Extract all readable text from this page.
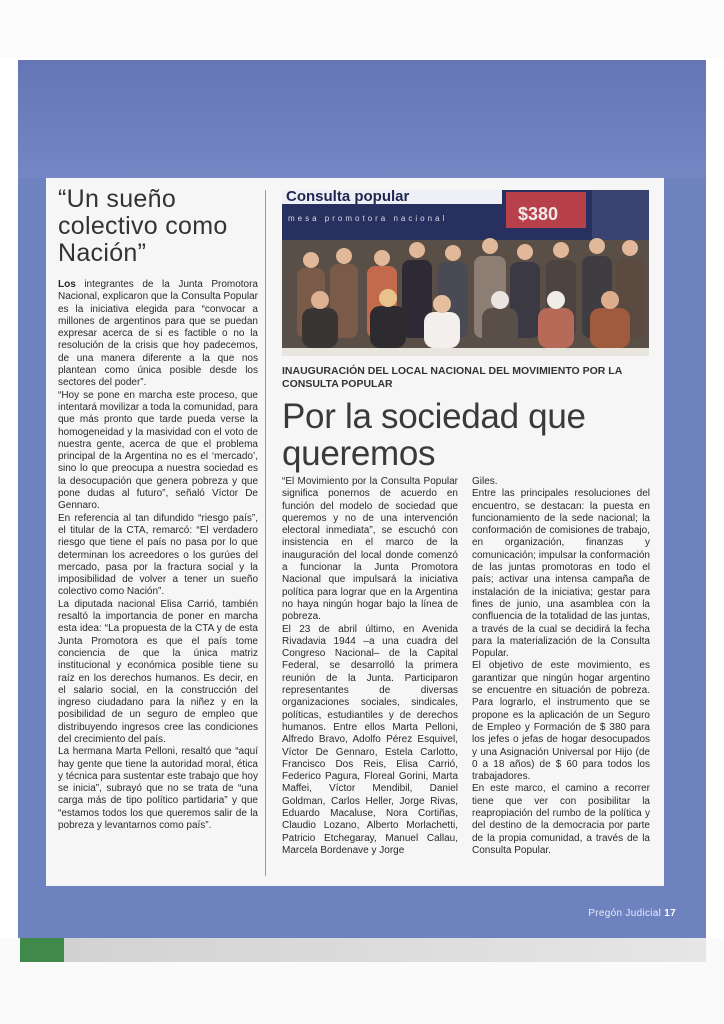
“Un sueño colectivo como Nación”

Los integrantes de la Junta Promotora Nacional, explicaron que la Consulta Popular es la iniciativa elegida para “convocar a millones de argentinos para que se puedan expresar acerca de si es factible o no la resolución de la crisis que hoy padecemos, de una manera diferente a la que nos plantean como única posible desde los sectores del poder”.

“Hoy se pone en marcha este proceso, que intentará movilizar a toda la comunidad, para que más pronto que tarde pueda verse la homogeneidad y la masividad con el voto de nuestra gente, acerca de que el problema principal de la Argentina no es el ‘mercado’, sino lo que preocupa a nuestra sociedad es la desocupación que genera pobreza y que pone dudas al futuro”, señaló Víctor De Gennaro.

En referencia al tan difundido “riesgo país”, el titular de la CTA, remarcó: “El verdadero riesgo que tiene el país no pasa por lo que determinan los acreedores o los gurúes del mercado, pasa por la fractura social y la imposibilidad de volver a tener un sueño colectivo como Nación”.

La diputada nacional Elisa Carrió, también resaltó la importancia de poner en marcha esta idea: “La propuesta de la CTA y de esta Junta Promotora es que el país tome conciencia de que la única matriz institucional y económica posible tiene su raíz en los derechos humanos. Es decir, en el salario social, en la construcción del ingreso ciudadano para la niñez y en la posibilidad de un seguro de empleo que distribuyendo ingresos cree las condiciones del crecimiento del país.

La hermana Marta Pelloni, resaltó que “aquí hay gente que tiene la autoridad moral, ética y técnica para sustentar este trabajo que hoy se inicia”, subrayó que no se trata de “una carga más de tipo político partidaria” y que “estamos todos los que queremos salir de la pobreza y levantarnos como país”.

Consulta popular
mesa promotora nacional	$380
INAUGURACIÓN DEL LOCAL NACIONAL DEL MOVIMIENTO POR LA CONSULTA POPULAR
Por la sociedad que queremos

“El Movimiento por la Consulta Popular significa ponernos de acuerdo en función del modelo de sociedad que queremos y no de una intervención electoral inmediata”, se escuchó con insistencia en el marco de la inauguración del local donde comenzó a funcionar la Junta Promotora Nacional que impulsará la iniciativa política para lograr que en la Argentina no haya ningún hogar bajo la línea de pobreza.

El 23 de abril último, en Avenida Rivadavia 1944 –a una cuadra del Congreso Nacional– de la Capital Federal, se desarrolló la primera reunión de la Junta. Participaron representantes de diversas organizaciones sociales, sindicales, políticas, estudiantiles y de derechos humanos. Entre ellos Marta Pelloni, Alfredo Bravo, Adolfo Pérez Esquivel, Víctor De Gennaro, Estela Carlotto, Francisco Dos Reis, Elisa Carrió, Federico Pagura, Floreal Gorini, Marta Maffei, Víctor Mendibil, Daniel Goldman, Carlos Heller, Jorge Rivas, Eduardo Macaluse, Nora Cortiñas, Claudio Lozano, Alberto Morlachetti, Patricio Etchegaray, Manuel Callau, Marcela Bordenave y Jorge

Giles.

Entre las principales resoluciones del encuentro, se destacan: la puesta en funcionamiento de la sede nacional; la conformación de comisiones de trabajo, en organización, finanzas y comunicación; impulsar la conformación de las juntas promotoras en todo el país; activar una intensa campaña de instalación de la iniciativa; gestar para fines de junio, una asamblea con la confluencia de la totalidad de las juntas, a través de la cual se decidirá la fecha para la materialización de la Consulta Popular.

El objetivo de este movimiento, es garantizar que ningún hogar argentino se encuentre en situación de pobreza. Para lograrlo, el instrumento que se propone es la aplicación de un Seguro de Empleo y Formación de $ 380 para los jefes o jefas de hogar desocupados y una Asignación Universal por Hijo (de 0 a 18 años) de $ 60 para todos los trabajadores.

En este marco, el camino a recorrer tiene que ver con posibilitar la reapropiación del rumbo de la política y del destino de la democracia por parte de la propia comunidad, a través de la Consulta Popular.

Pregón Judicial 17
